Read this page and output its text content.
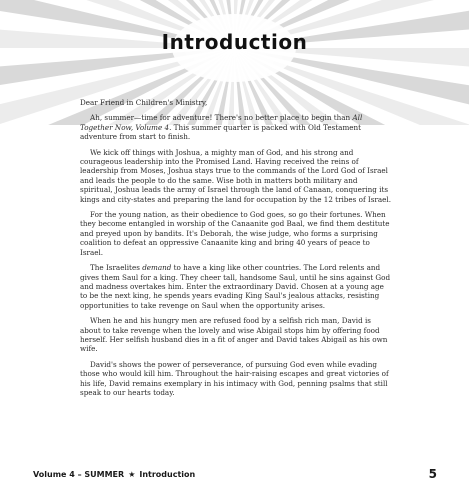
Introduction

Dear Friend in Children's Ministry,

Ah, summer—time for adventure! There's no better place to begin than All Together Now, Volume 4. This summer quarter is packed with Old Testament adventure from start to finish.

We kick off things with Joshua, a mighty man of God, and his strong and courageous leadership into the Promised Land. Having received the reins of leadership from Moses, Joshua stays true to the commands of the Lord God of Israel and leads the people to do the same. Wise both in matters both military and spiritual, Joshua leads the army of Israel through the land of Canaan, conquering its kings and city-states and preparing the land for occupation by the 12 tribes of Israel.

For the young nation, as their obedience to God goes, so go their fortunes. When they become entangled in worship of the Canaanite god Baal, we find them destitute and preyed upon by bandits. It's Deborah, the wise judge, who forms a surprising coalition to defeat an oppressive Canaanite king and bring 40 years of peace to Israel.

The Israelites demand to have a king like other countries. The Lord relents and gives them Saul for a king. They cheer tall, handsome Saul, until he sins against God and madness overtakes him. Enter the extraordinary David. Chosen at a young age to be the next king, he spends years evading King Saul's jealous attacks, resisting opportunities to take revenge on Saul when the opportunity arises.

When he and his hungry men are refused food by a selfish rich man, David is about to take revenge when the lovely and wise Abigail stops him by offering food herself. Her selfish husband dies in a fit of anger and David takes Abigail as his own wife.

David's shows the power of perseverance, of pursuing God even while evading those who would kill him. Throughout the hair-raising escapes and great victories of his life, David remains exemplary in his intimacy with God, penning psalms that still speak to our hearts today.

Volume 4 – SUMMER ★ Introduction	5
